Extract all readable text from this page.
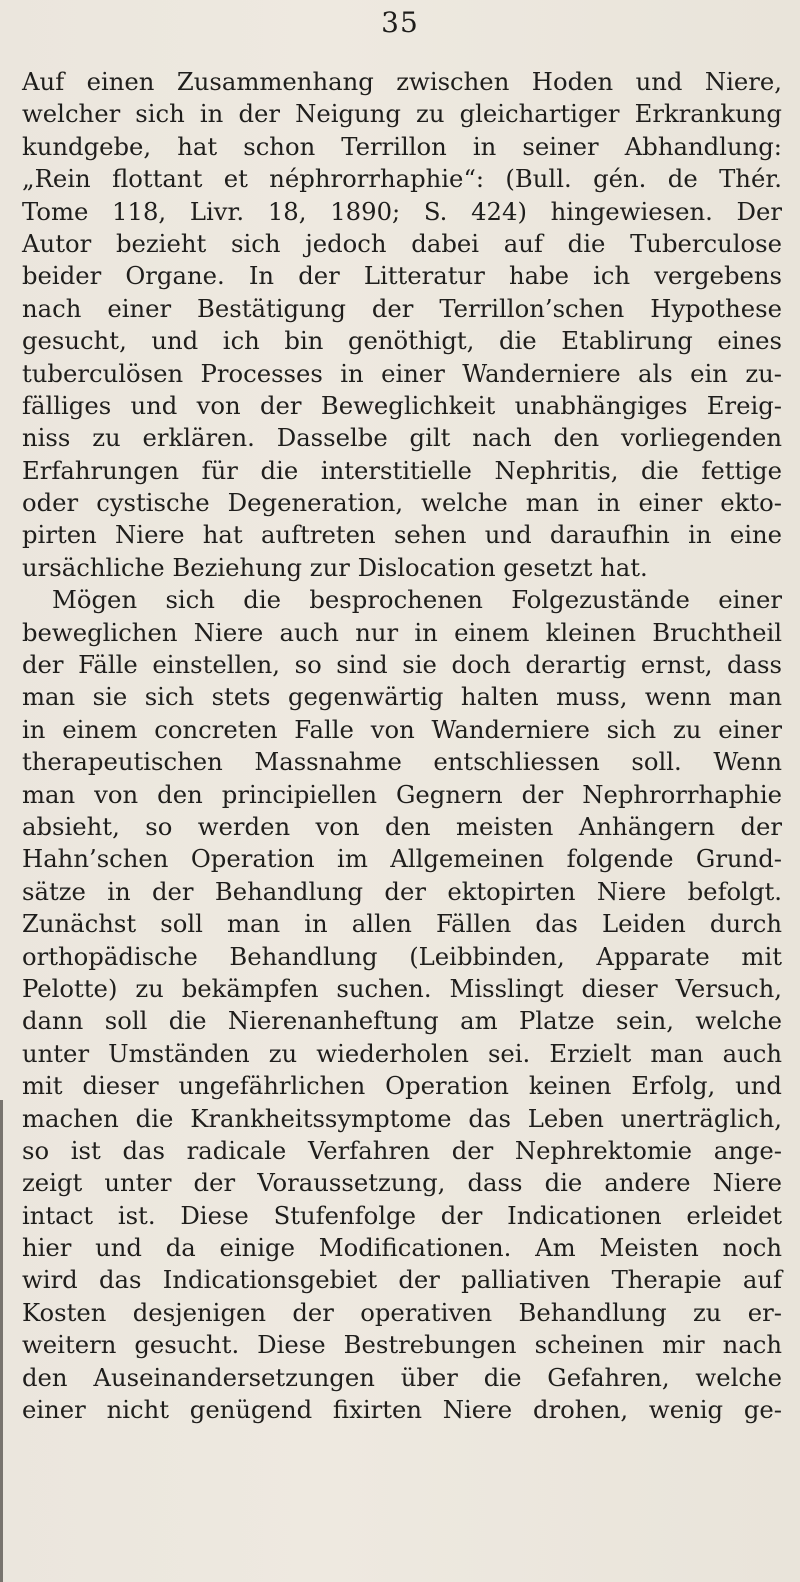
35
Auf einen Zusammenhang zwischen Hoden und Niere,
welcher sich in der Neigung zu gleichartiger Erkrankung
kundgebe, hat schon Terrillon in seiner Abhandlung:
„Rein flottant et néphrorrhaphie“: (Bull. gén. de Thér.
Tome 118, Livr. 18, 1890; S. 424) hingewiesen. Der
Autor bezieht sich jedoch dabei auf die Tuberculose
beider Organe. In der Litteratur habe ich vergebens
nach einer Bestätigung der Terrillon’schen Hypothese
gesucht, und ich bin genöthigt, die Etablirung eines
tuberculösen Processes in einer Wanderniere als ein zu-
fälliges und von der Beweglichkeit unabhängiges Ereig-
niss zu erklären. Dasselbe gilt nach den vorliegenden
Erfahrungen für die interstitielle Nephritis, die fettige
oder cystische Degeneration, welche man in einer ekto-
pirten Niere hat auftreten sehen und daraufhin in eine
ursächliche Beziehung zur Dislocation gesetzt hat.
Mögen sich die besprochenen Folgezustände einer
beweglichen Niere auch nur in einem kleinen Bruchtheil
der Fälle einstellen, so sind sie doch derartig ernst, dass
man sie sich stets gegenwärtig halten muss, wenn man
in einem concreten Falle von Wanderniere sich zu einer
therapeutischen Massnahme entschliessen soll. Wenn
man von den principiellen Gegnern der Nephrorrhaphie
absieht, so werden von den meisten Anhängern der
Hahn’schen Operation im Allgemeinen folgende Grund-
sätze in der Behandlung der ektopirten Niere befolgt.
Zunächst soll man in allen Fällen das Leiden durch
orthopädische Behandlung (Leibbinden, Apparate mit
Pelotte) zu bekämpfen suchen. Misslingt dieser Versuch,
dann soll die Nierenanheftung am Platze sein, welche
unter Umständen zu wiederholen sei. Erzielt man auch
mit dieser ungefährlichen Operation keinen Erfolg, und
machen die Krankheitssymptome das Leben unerträglich,
so ist das radicale Verfahren der Nephrektomie ange-
zeigt unter der Voraussetzung, dass die andere Niere
intact ist. Diese Stufenfolge der Indicationen erleidet
hier und da einige Modificationen. Am Meisten noch
wird das Indicationsgebiet der palliativen Therapie auf
Kosten desjenigen der operativen Behandlung zu er-
weitern gesucht. Diese Bestrebungen scheinen mir nach
den Auseinandersetzungen über die Gefahren, welche
einer nicht genügend fixirten Niere drohen, wenig ge-
